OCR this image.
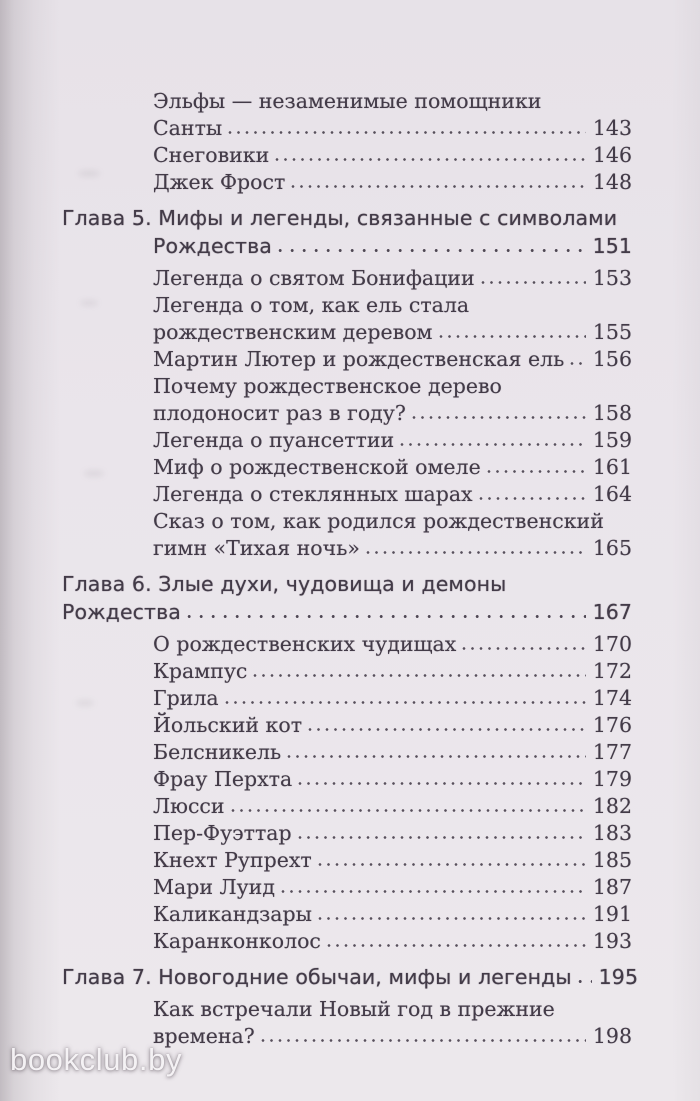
Эльфы — незаменимые помощники
Санты	143
Снеговики	146
Джек Фрост	148
Глава 5. Мифы и легенды, связанные с символами
Рождества	151
Легенда о святом Бонифации	153
Легенда о том, как ель стала
рождественским деревом	155
Мартин Лютер и рождественская ель 156
Почему рождественское дерево
плодоносит раз в году?	158
Легенда о пуансеттии	159
Миф о рождественской омеле	161
Легенда о стеклянных шарах	164
Сказ о том, как родился рождественский
гимн «Тихая ночь»	165
Глава 6. Злые духи, чудовища и демоны
Рождества	167
О рождественских чудищах	170
Крампус	172
Грила	174
Йольский кот	176
Белсникель	177
Фрау Перхта	179
Люсси	182
Пер-Фуэттар	183
Кнехт Рупрехт	185
Мари Луид	187
Каликандзары	191
Каранконколос	193
Глава 7. Новогодние обычаи, мифы и легенды 195
Как встречали Новый год в прежние
времена?	198
bookclub.by
